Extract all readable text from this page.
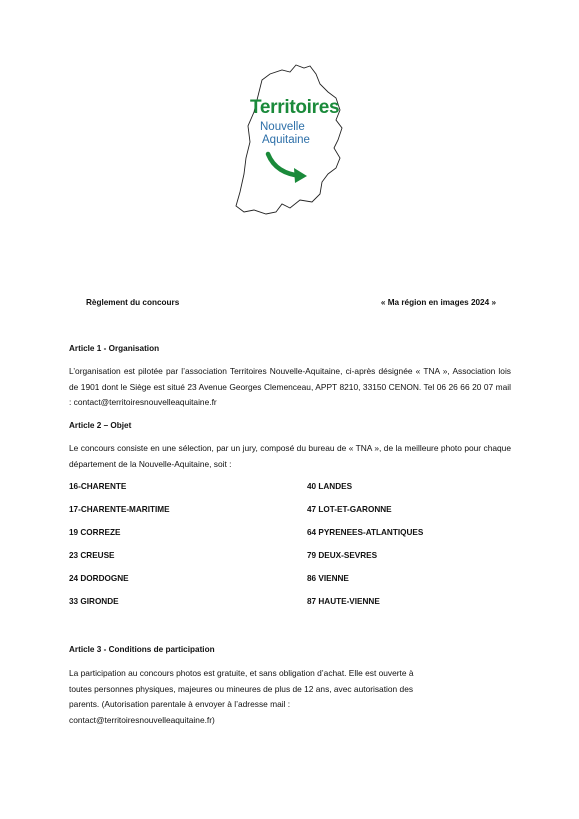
Territoires
Nouvelle
Aquitaine
Règlement du concours	« Ma région en images 2024 »
Article 1 - Organisation

L’organisation est pilotée par l’association Territoires Nouvelle-Aquitaine, ci-après désignée « TNA », Association lois de 1901 dont le Siège est situé 23 Avenue Georges Clemenceau, APPT 8210, 33150 CENON. Tel 06 26 66 20 07 mail : contact@territoiresnouvelleaquitaine.fr

Article 2 – Objet

Le concours consiste en une sélection, par un jury, composé du bureau de « TNA », de la meilleure photo pour chaque département de la Nouvelle-Aquitaine, soit :

16-CHARENTE
17-CHARENTE-MARITIME
19 CORREZE
23 CREUSE
24 DORDOGNE
33 GIRONDE
40 LANDES
47 LOT-ET-GARONNE
64 PYRENEES-ATLANTIQUES
79 DEUX-SEVRES
86 VIENNE
87 HAUTE-VIENNE
Article 3 - Conditions de participation

La participation au concours photos est gratuite, et sans obligation d’achat. Elle est ouverte à

toutes personnes physiques, majeures ou mineures de plus de 12 ans, avec autorisation des

parents. (Autorisation parentale à envoyer à l’adresse mail :

contact@territoiresnouvelleaquitaine.fr)
